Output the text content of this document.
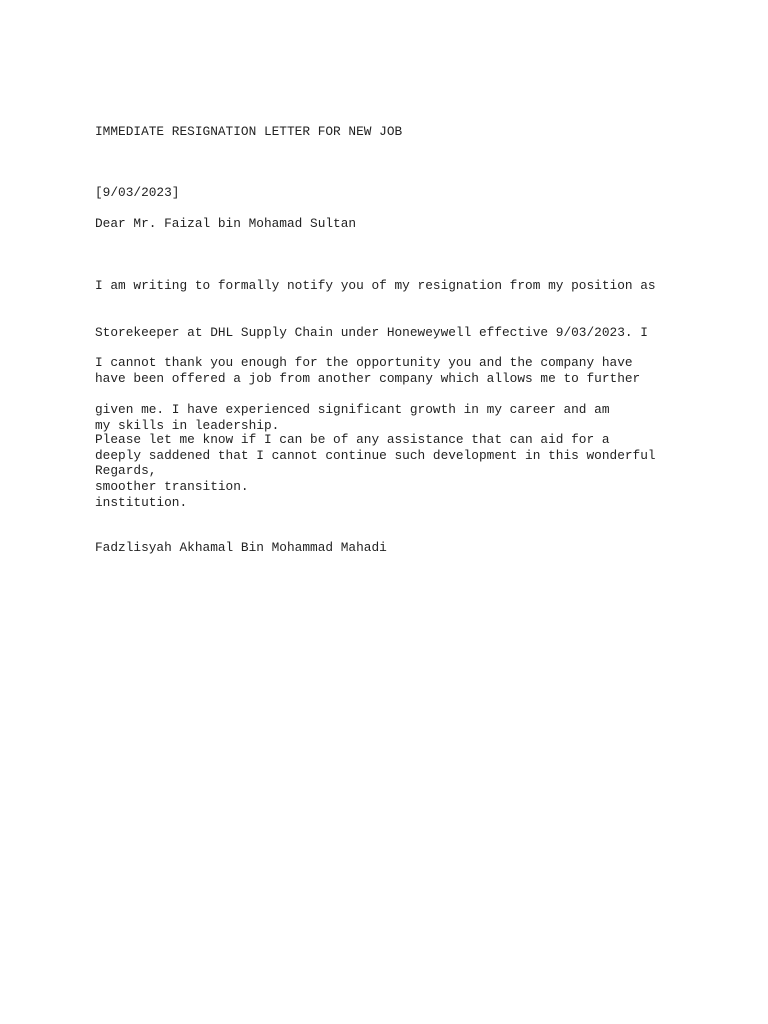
IMMEDIATE RESIGNATION LETTER FOR NEW JOB

[9/03/2023]

Dear Mr. Faizal bin Mohamad Sultan

I am writing to formally notify you of my resignation from my position as

Storekeeper at DHL Supply Chain under Honeweywell effective 9/03/2023. I

have been offered a job from another company which allows me to further

my skills in leadership.

I cannot thank you enough for the opportunity you and the company have

given me. I have experienced significant growth in my career and am

deeply saddened that I cannot continue such development in this wonderful

institution.

Please let me know if I can be of any assistance that can aid for a

smoother transition.

Regards,

Fadzlisyah Akhamal Bin Mohammad Mahadi
